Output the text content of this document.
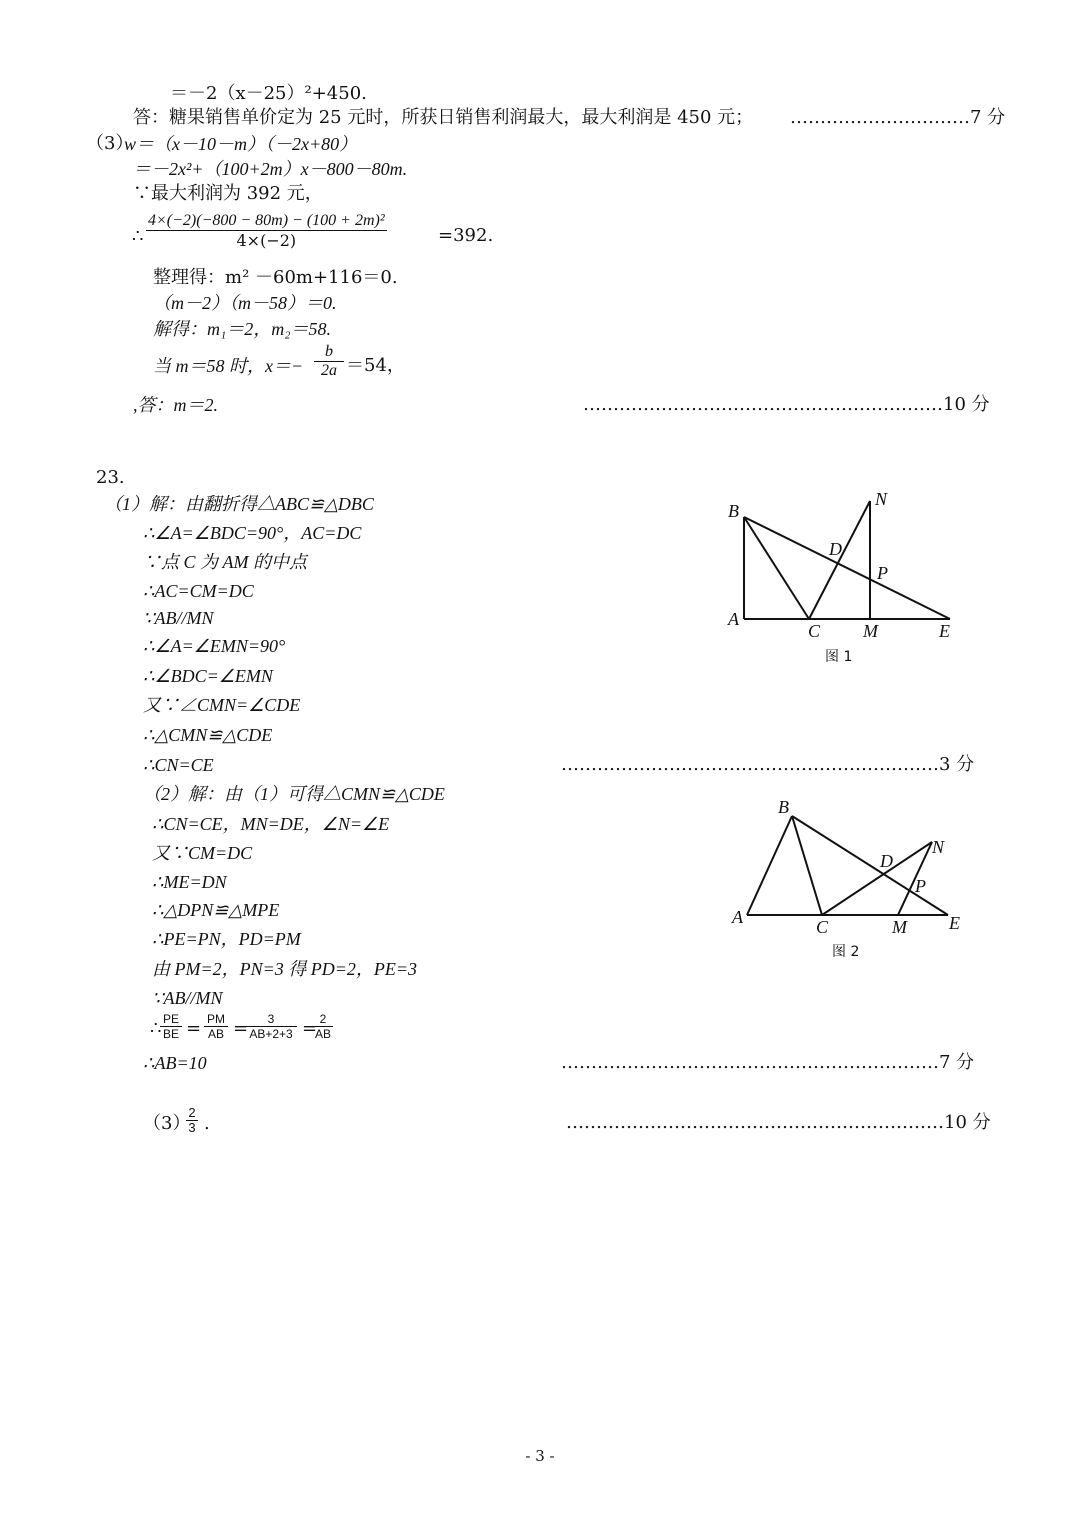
＝－2（x－25）²+450.
答：糖果销售单价定为 25 元时，所获日销售利润最大，最大利润是 450 元； …………………………7 分
（3）
w＝（x－10－m）（－2x+80）
＝－2x²+（100+2m）x－800－80m.
∵最大利润为 392 元，
∴
4×(−2)(−800 − 80m) − (100 + 2m)²
4×(−2)	=392.
整理得：m² －60m+116＝0.
（m－2）（m－58）＝0.
解得：m₁＝2，m₂＝58.
当 m＝58 时，x＝−
b
2a ＝54，
,答：m＝2.	……………………………………………………10 分
23.
（1）解：由翻折得△ABC≌△DBC
∴∠A=∠BDC=90°，AC=DC
∵点 C 为 AM 的中点
∴AC=CM=DC
∵AB//MN
∴∠A=∠EMN=90°
∴∠BDC=∠EMN
又∵∠CMN=∠CDE
∴△CMN≌△CDE
∴CN=CE	………………………………………………………3 分
（2）解：由（1）可得△CMN≌△CDE
∴CN=CE，MN=DE，∠N=∠E
又∵CM=DC
∴ME=DN
∴△DPN≌△MPE
∴PE=PN，PD=PM
由 PM=2，PN=3 得 PD=2，PE=3
∵AB//MN
∴ PE
BE = PM
AB =	3
AB+2+3 = 2
AB
∴AB=10	………………………………………………………7 分
（3）
2
3 .	………………………………………………………10 分
B
N
D
P
A
C M	E
图 1
B
N
D
P
A	C	M E
图 2
- 3 -
